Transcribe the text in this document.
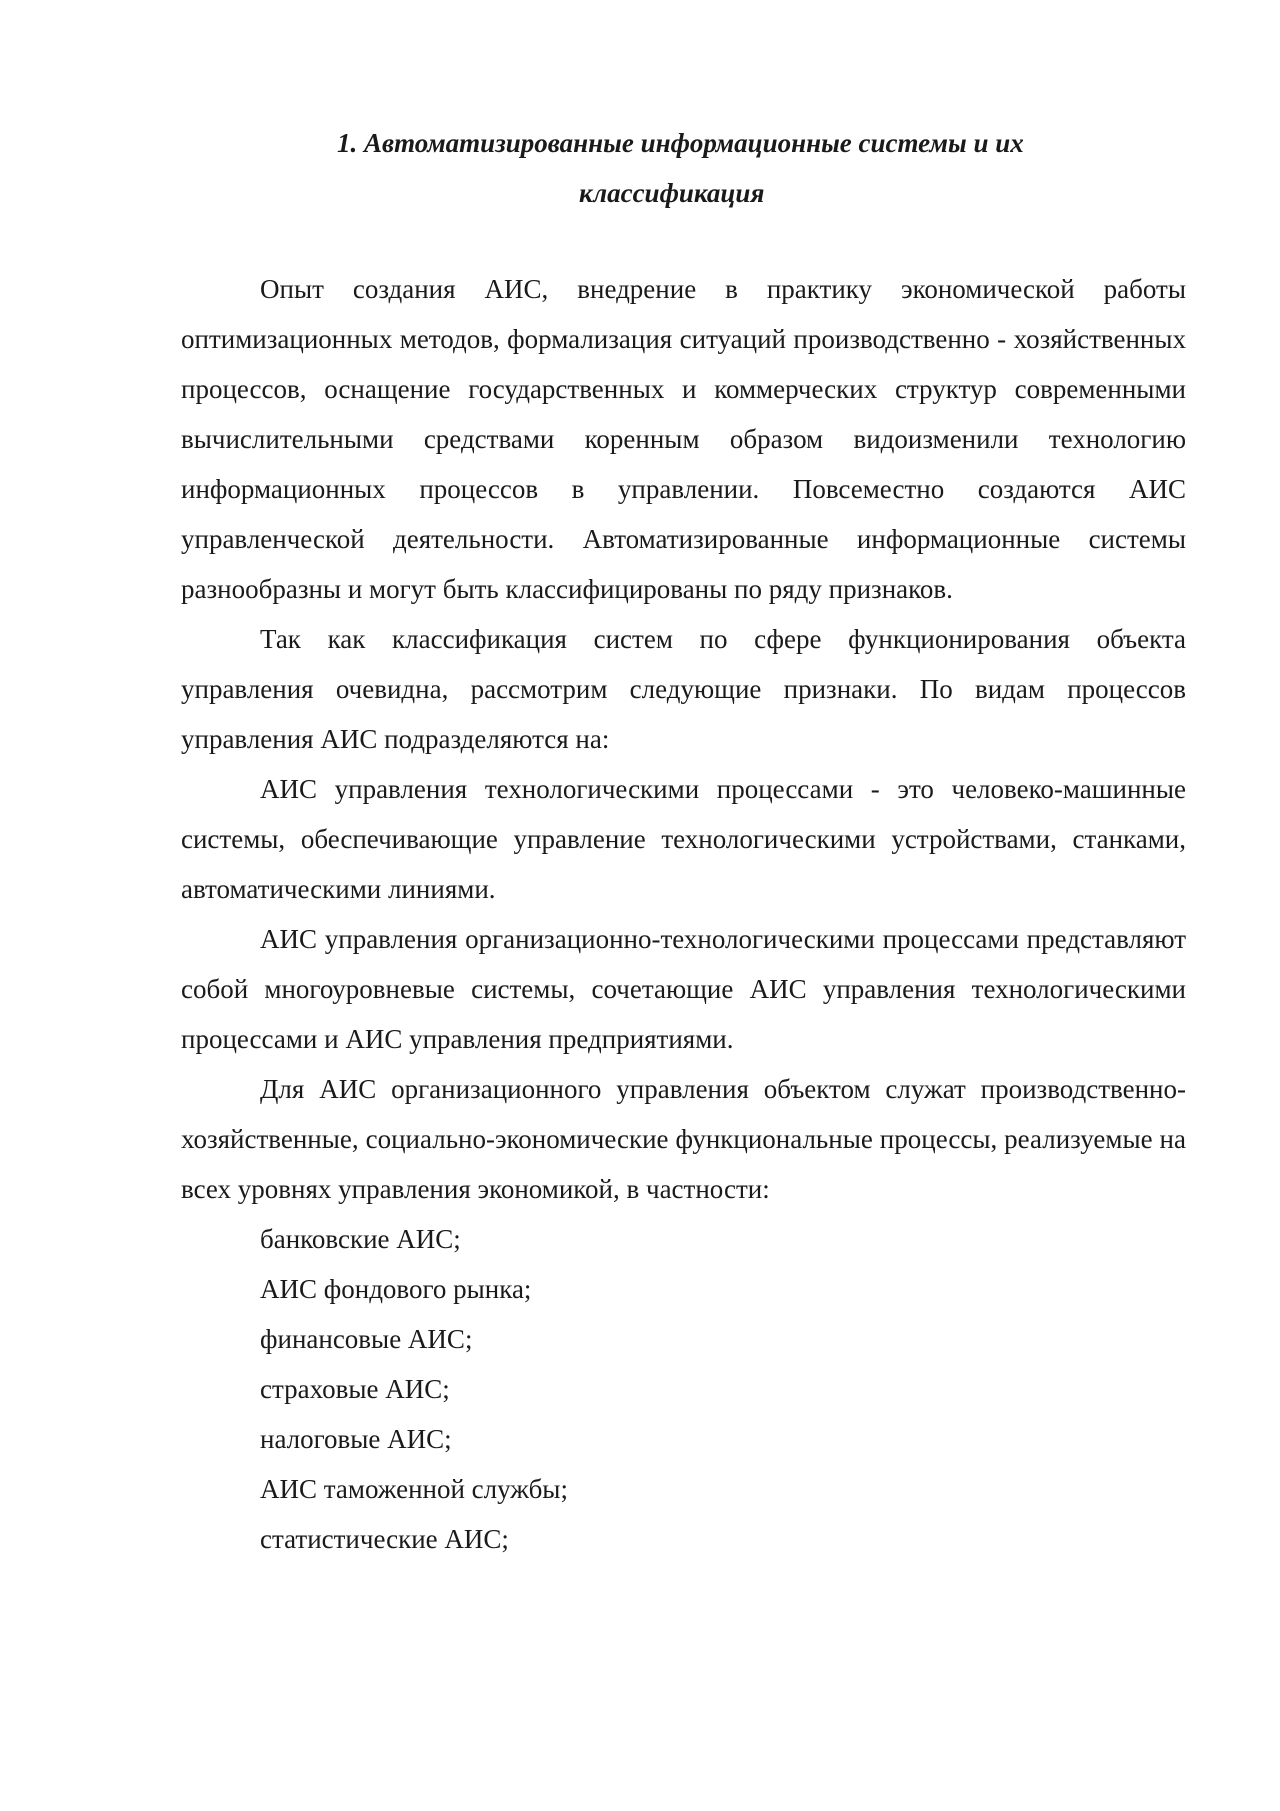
1. Автоматизированные информационные системы и их
классификация

Опыт создания АИС, внедрение в практику экономической работы оптимизационных методов, формализация ситуаций производственно - хозяйственных процессов, оснащение государственных и коммерческих структур современными вычислительными средствами коренным образом видоизменили технологию информационных процессов в управлении. Повсеместно создаются АИС управленческой деятельности. Автоматизированные информационные системы разнообразны и могут быть классифицированы по ряду признаков.

Так как классификация систем по сфере функционирования объекта управления очевидна, рассмотрим следующие признаки. По видам процессов управления АИС подразделяются на:

АИС управления технологическими процессами - это человеко-машинные системы, обеспечивающие управление технологическими устройствами, станками, автоматическими линиями.

АИС управления организационно-технологическими процессами представляют собой многоуровневые системы, сочетающие АИС управления технологическими процессами и АИС управления предприятиями.

Для АИС организационного управления объектом служат производственно-хозяйственные, социально-экономические функциональные процессы, реализуемые на всех уровнях управления экономикой, в частности:

банковские АИС;

АИС фондового рынка;

финансовые АИС;

страховые АИС;

налоговые АИС;

АИС таможенной службы;

статистические АИС;
